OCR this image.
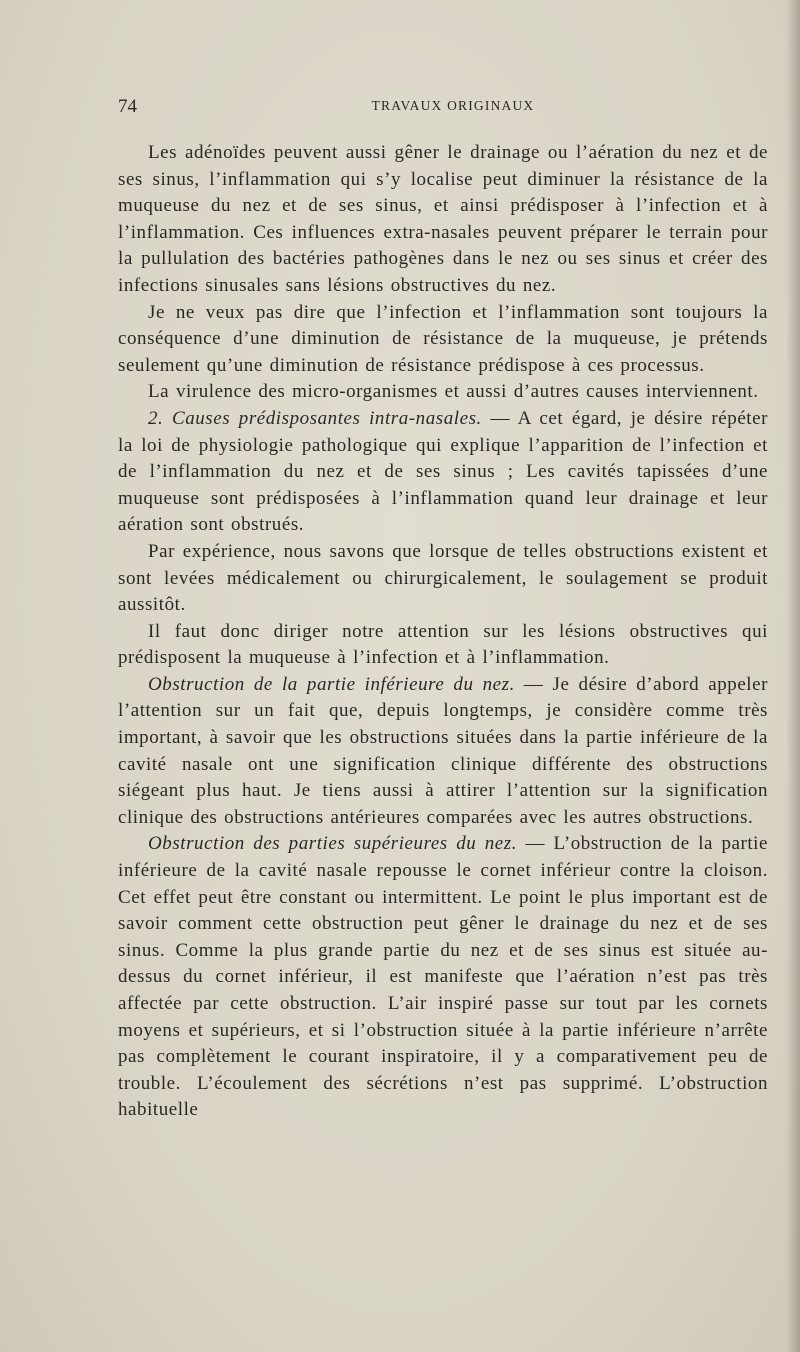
74	TRAVAUX ORIGINAUX

Les adénoïdes peuvent aussi gêner le drainage ou l’aération du nez et de ses sinus, l’inflammation qui s’y localise peut diminuer la résistance de la muqueuse du nez et de ses sinus, et ainsi prédisposer à l’infection et à l’inflammation. Ces influences extra-nasales peuvent préparer le terrain pour la pullulation des bactéries pathogènes dans le nez ou ses sinus et créer des infections sinusales sans lésions obstructives du nez.

Je ne veux pas dire que l’infection et l’inflammation sont toujours la conséquence d’une diminution de résistance de la muqueuse, je prétends seulement qu’une diminution de résistance prédispose à ces processus.

La virulence des micro-organismes et aussi d’autres causes interviennent.

2. Causes prédisposantes intra-nasales. — A cet égard, je désire répéter la loi de physiologie pathologique qui explique l’apparition de l’infection et de l’inflammation du nez et de ses sinus ; Les cavités tapissées d’une muqueuse sont prédisposées à l’inflammation quand leur drainage et leur aération sont obstrués.

Par expérience, nous savons que lorsque de telles obstructions existent et sont levées médicalement ou chirurgicalement, le soulagement se produit aussitôt.

Il faut donc diriger notre attention sur les lésions obstructives qui prédisposent la muqueuse à l’infection et à l’inflammation.

Obstruction de la partie inférieure du nez. — Je désire d’abord appeler l’attention sur un fait que, depuis longtemps, je considère comme très important, à savoir que les obstructions situées dans la partie inférieure de la cavité nasale ont une signification clinique différente des obstructions siégeant plus haut. Je tiens aussi à attirer l’attention sur la signification clinique des obstructions antérieures comparées avec les autres obstructions.

Obstruction des parties supérieures du nez. — L’obstruction de la partie inférieure de la cavité nasale repousse le cornet inférieur contre la cloison. Cet effet peut être constant ou intermittent. Le point le plus important est de savoir comment cette obstruction peut gêner le drainage du nez et de ses sinus. Comme la plus grande partie du nez et de ses sinus est située au-dessus du cornet inférieur, il est manifeste que l’aération n’est pas très affectée par cette obstruction. L’air inspiré passe sur tout par les cornets moyens et supérieurs, et si l’obstruction située à la partie inférieure n’arrête pas complètement le courant inspiratoire, il y a comparativement peu de trouble. L’écoulement des sécrétions n’est pas supprimé. L’obstruction habituelle
